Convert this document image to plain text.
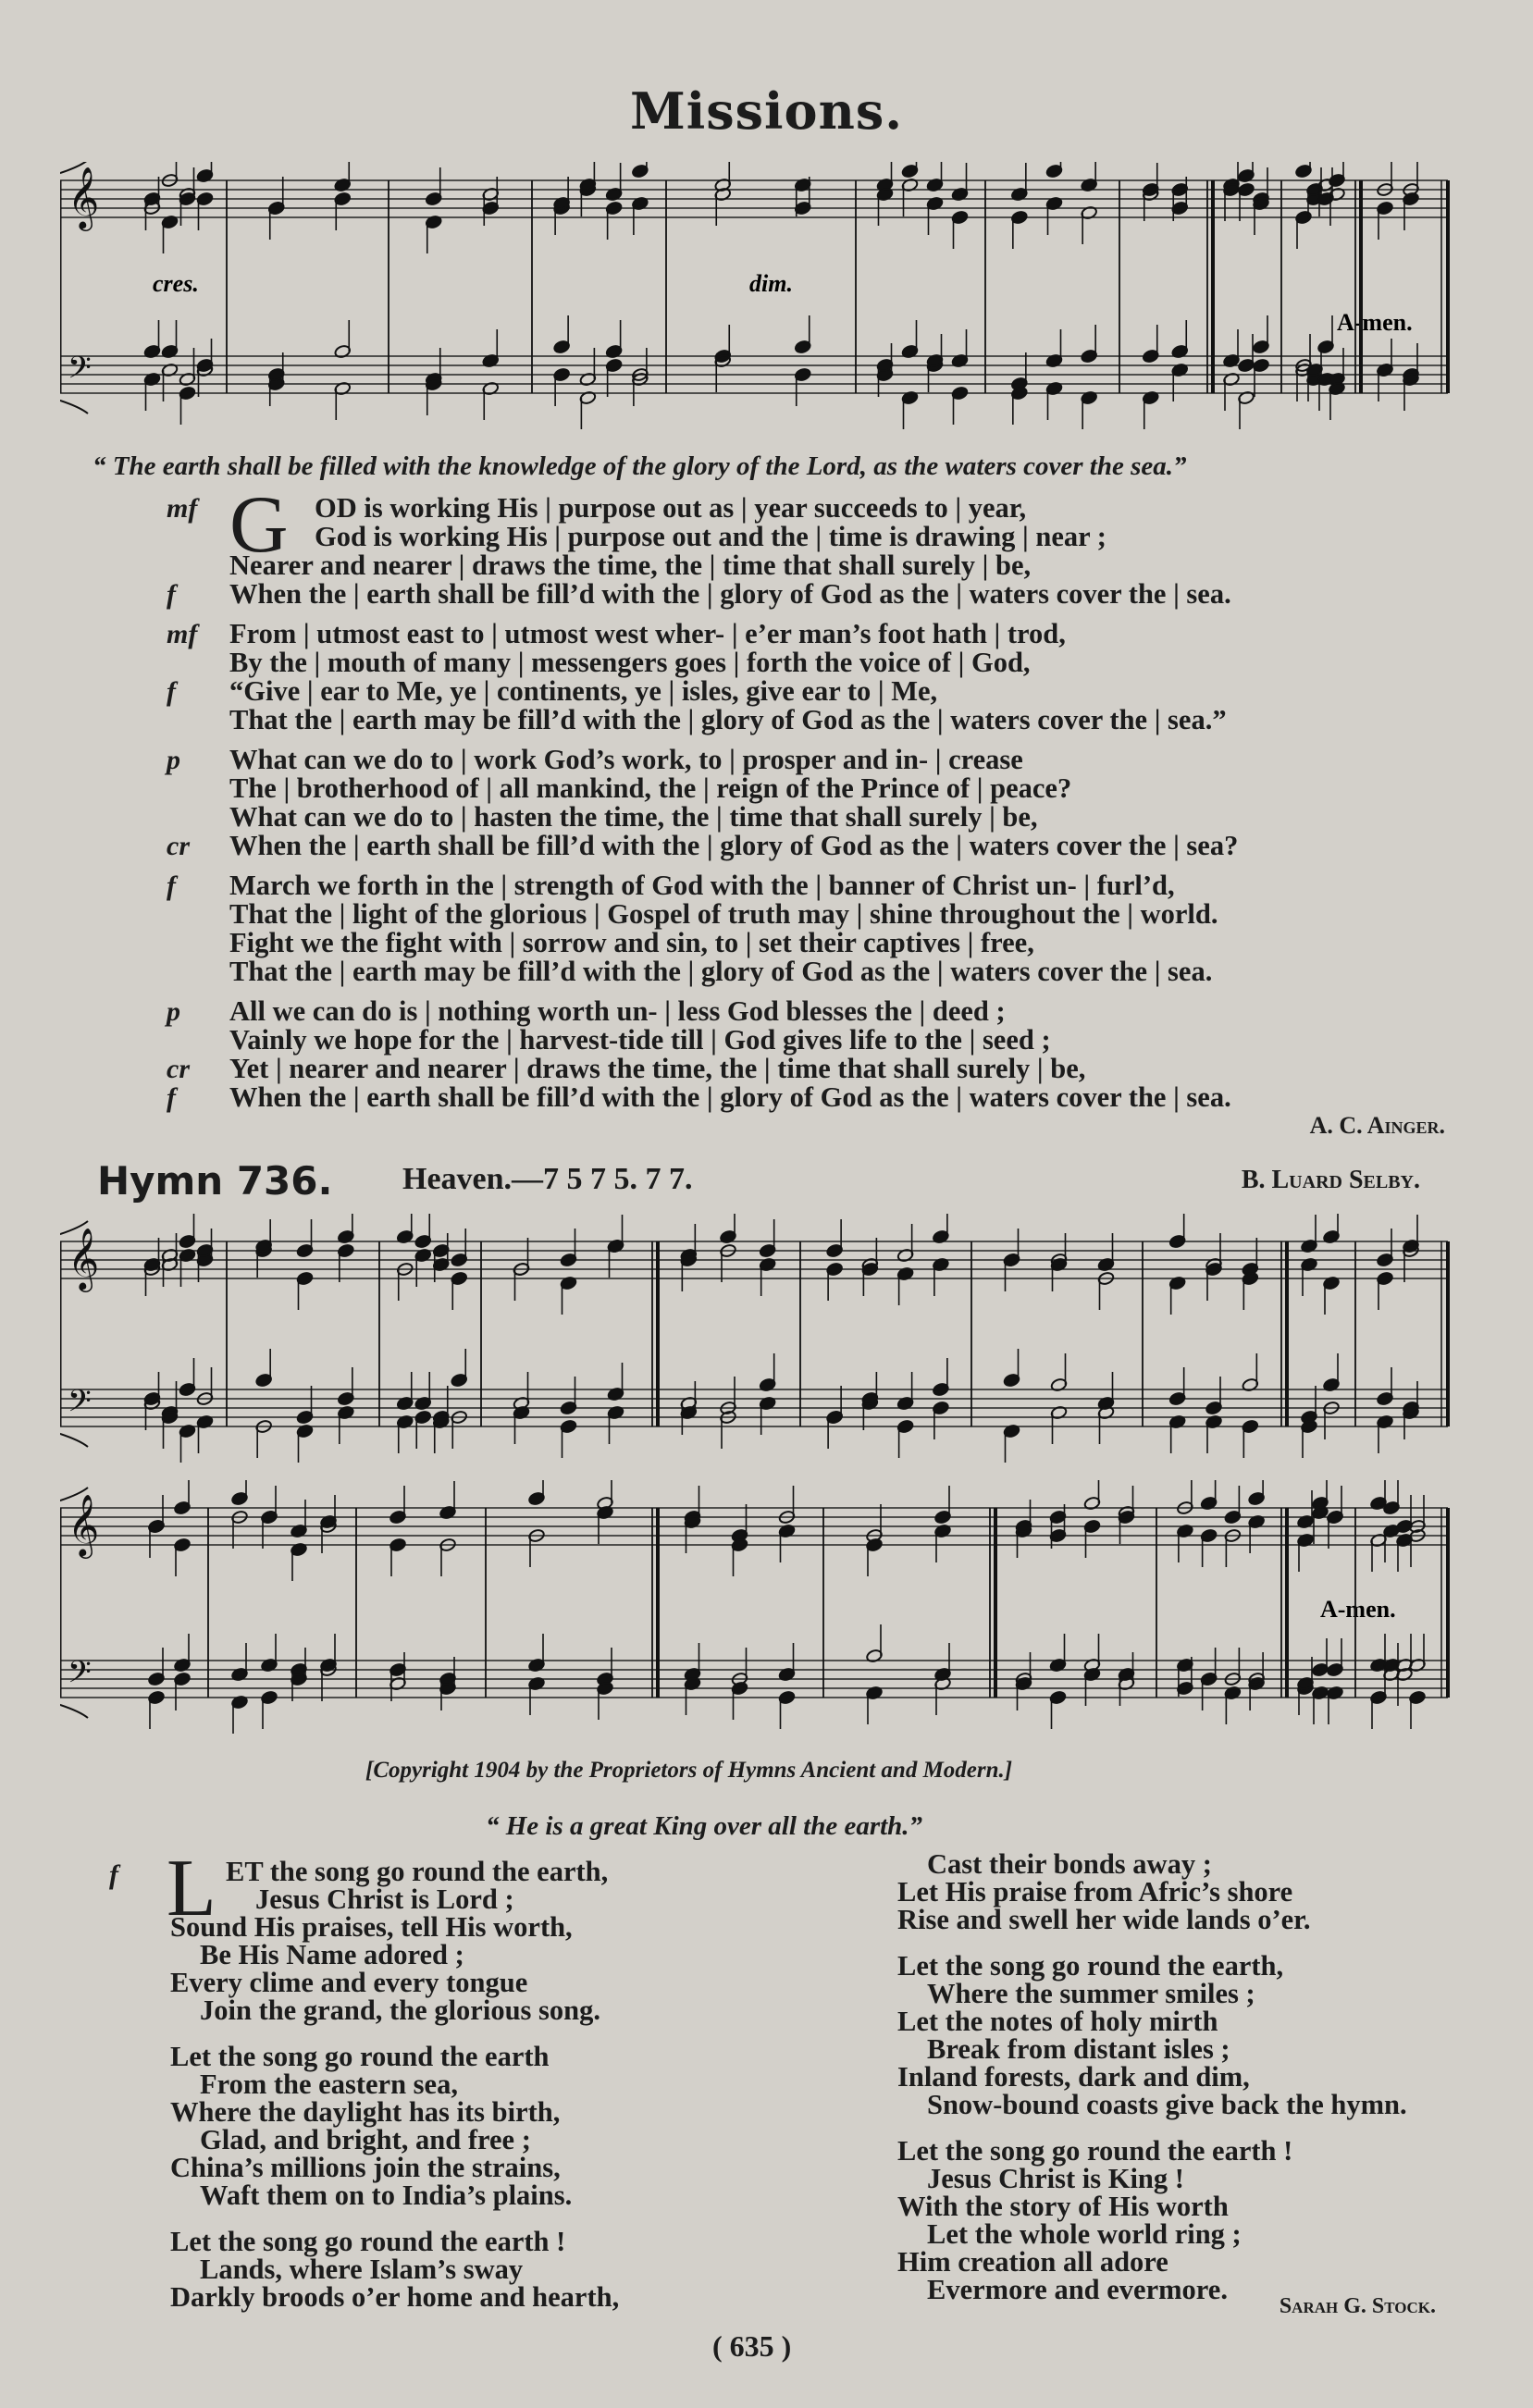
Missions.
cres.	dim.
A-men.
𝄞
𝄢
“ The earth shall be filled with the knowledge of the glory of the Lord, as the waters cover the sea.”
mf G OD is working His | purpose out as | year succeeds to | year,
God is working His | purpose out and the | time is drawing | near ;
Nearer and nearer | draws the time, the | time that shall surely | be,
f	When the | earth shall be fill’d with the | glory of God as the | waters cover the | sea.
mf	From | utmost east to | utmost west wher- | e’er man’s foot hath | trod,
By the | mouth of many | messengers goes | forth the voice of | God,
f	“Give | ear to Me, ye | continents, ye | isles, give ear to | Me,
That the | earth may be fill’d with the | glory of God as the | waters cover the | sea.”
p	What can we do to | work God’s work, to | prosper and in- | crease
The | brotherhood of | all mankind, the | reign of the Prince of | peace?
What can we do to | hasten the time, the | time that shall surely | be,
cr	When the | earth shall be fill’d with the | glory of God as the | waters cover the | sea?
f	March we forth in the | strength of God with the | banner of Christ un- | furl’d,
That the | light of the glorious | Gospel of truth may | shine throughout the | world.
Fight we the fight with | sorrow and sin, to | set their captives | free,
That the | earth may be fill’d with the | glory of God as the | waters cover the | sea.
p	All we can do is | nothing worth un- | less God blesses the | deed ;
Vainly we hope for the | harvest-tide till | God gives life to the | seed ;
cr	Yet | nearer and nearer | draws the time, the | time that shall surely | be,
f	When the | earth shall be fill’d with the | glory of God as the | waters cover the | sea.
A. C. Ainger.
Hymn 736. Heaven.—7 5 7 5. 7 7.	B. Luard Selby.
𝄞
𝄢
A-men.
𝄞
𝄢
[Copyright 1904 by the Proprietors of Hymns Ancient and Modern.]
“ He is a great King over all the earth.”
f L ET the song go round the earth,
Jesus Christ is Lord ;
Sound His praises, tell His worth,
Be His Name adored ;
Every clime and every tongue
Join the grand, the glorious song.
Let the song go round the earth
From the eastern sea,
Where the daylight has its birth,
Glad, and bright, and free ;
China’s millions join the strains,
Waft them on to India’s plains.
Let the song go round the earth !
Lands, where Islam’s sway
Darkly broods o’er home and hearth,
Cast their bonds away ;
Let His praise from Afric’s shore
Rise and swell her wide lands o’er.
Let the song go round the earth,
Where the summer smiles ;
Let the notes of holy mirth
Break from distant isles ;
Inland forests, dark and dim,
Snow-bound coasts give back the hymn.
Let the song go round the earth !
Jesus Christ is King !
With the story of His worth
Let the whole world ring ;
Him creation all adore
Evermore and evermore.
Sarah G. Stock.
( 635 )
